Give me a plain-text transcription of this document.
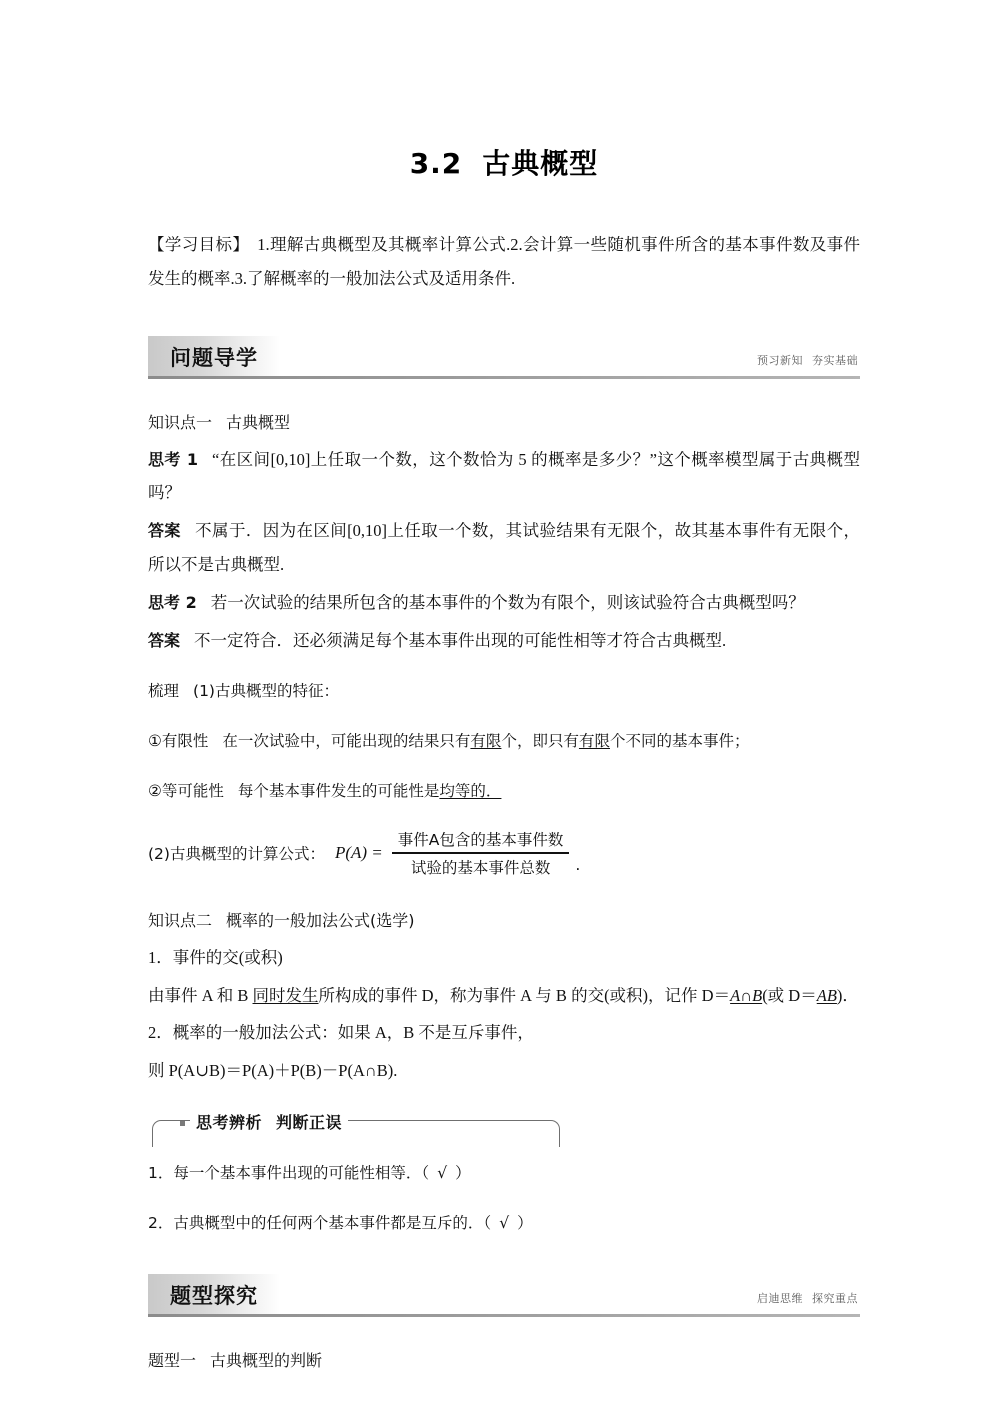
3.2 古典概型

【学习目标】 1.理解古典概型及其概率计算公式.2.会计算一些随机事件所含的基本事件数及事件发生的概率.3.了解概率的一般加法公式及适用条件.

问题导学	预习新知 夯实基础
知识点一 古典概型

思考 1 “在区间[0,10]上任取一个数，这个数恰为 5 的概率是多少？”这个概率模型属于古典概型吗？

答案 不属于．因为在区间[0,10]上任取一个数，其试验结果有无限个，故其基本事件有无限个，所以不是古典概型.

思考 2 若一次试验的结果所包含的基本事件的个数为有限个，则该试验符合古典概型吗？

答案 不一定符合．还必须满足每个基本事件出现的可能性相等才符合古典概型.

梳理 (1)古典概型的特征：

①有限性 在一次试验中，可能出现的结果只有有限个，即只有有限个不同的基本事件；

②等可能性 每个基本事件发生的可能性是均等的．

(2)古典概型的计算公式： $P(A) = \frac{\text{事件A包含的基本事件数}}{\text{试验的基本事件总数}}$ .
知识点二 概率的一般加法公式(选学)

1．事件的交(或积)

由事件 A 和 B 同时发生所构成的事件 D，称为事件 A 与 B 的交(或积)，记作 D＝A∩B(或 D＝AB)．

2．概率的一般加法公式：如果 A，B 不是互斥事件，

则 P(A∪B)＝P(A)＋P(B)－P(A∩B).

思考辨析 判断正误

1．每一个基本事件出现的可能性相等．（ √ ）

2．古典概型中的任何两个基本事件都是互斥的．（ √ ）

题型探究	启迪思维 探究重点
题型一 古典概型的判断
